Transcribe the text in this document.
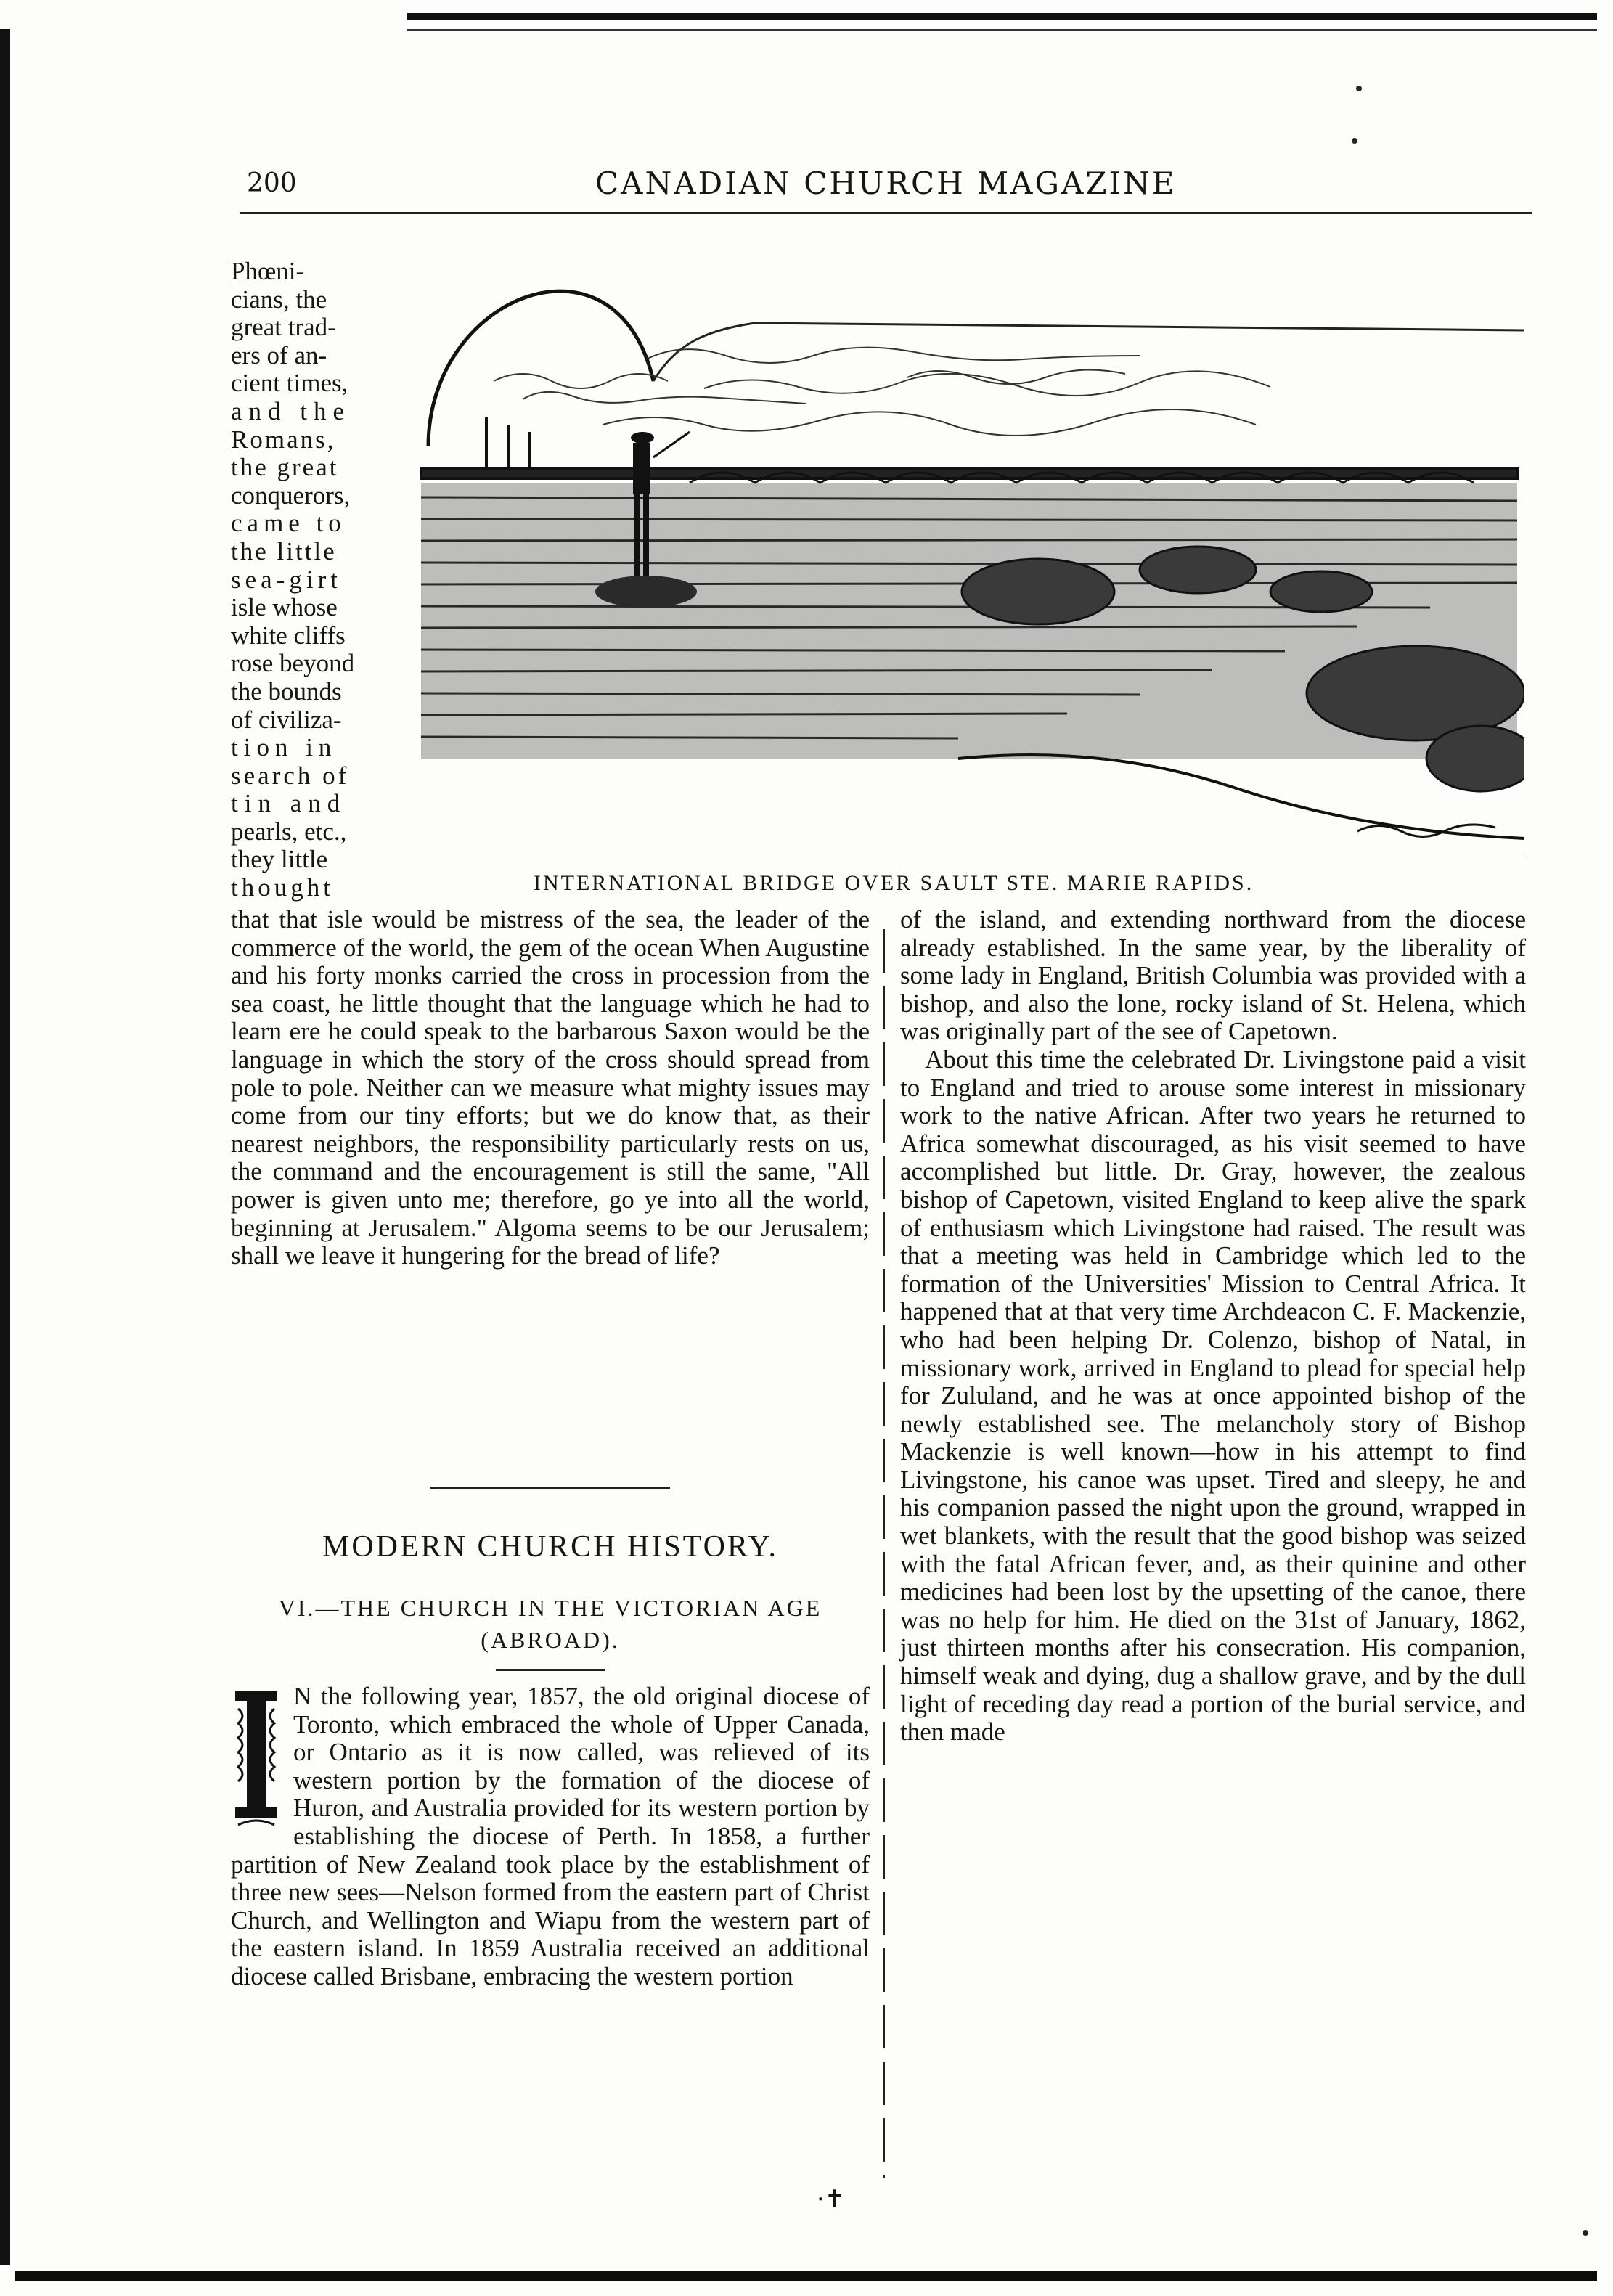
200	CANADIAN CHURCH MAGAZINE

Phœni-

cians, the

great trad-

ers of an-

cient times,

and the

Romans,

the great

conquerors,

came to

the little

sea-girt

isle whose

white cliffs

rose beyond

the bounds

of civiliza-

tion in

search of

tin and

pearls, etc.,

they little

thought	INTERNATIONAL BRIDGE OVER SAULT STE. MARIE RAPIDS.

that that isle would be mistress of the sea, the leader of the commerce of the world, the gem of the ocean When Augustine and his forty monks carried the cross in procession from the sea coast, he little thought that the language which he had to learn ere he could speak to the barbarous Saxon would be the language in which the story of the cross should spread from pole to pole. Neither can we measure what mighty issues may come from our tiny efforts; but we do know that, as their nearest neighbors, the responsibility particularly rests on us, the command and the encouragement is still the same, "All power is given unto me; therefore, go ye into all the world, beginning at Jerusalem." Algoma seems to be our Jerusalem; shall we leave it hungering for the bread of life?

MODERN CHURCH HISTORY.

VI.—THE CHURCH IN THE VICTORIAN AGE

(ABROAD).

N the following year, 1857, the old original diocese of Toronto, which embraced the whole of Upper Canada, or Ontario as it is now called, was relieved of its western portion by the formation of the diocese of Huron, and Australia provided for its western portion by establishing the diocese of Perth. In 1858, a further partition of New Zealand took place by the establishment of three new sees—Nelson formed from the eastern part of Christ Church, and Wellington and Wiapu from the western part of the eastern island. In 1859 Australia received an additional diocese called Brisbane, embracing the western portion

of the island, and extending northward from the diocese already established. In the same year, by the liberality of some lady in England, British Columbia was provided with a bishop, and also the lone, rocky island of St. Helena, which was originally part of the see of Capetown.

About this time the celebrated Dr. Livingstone paid a visit to England and tried to arouse some interest in missionary work to the native African. After two years he returned to Africa somewhat discouraged, as his visit seemed to have accomplished but little. Dr. Gray, however, the zealous bishop of Capetown, visited England to keep alive the spark of enthusiasm which Livingstone had raised. The result was that a meeting was held in Cambridge which led to the formation of the Universities' Mission to Central Africa. It happened that at that very time Archdeacon C. F. Mackenzie, who had been helping Dr. Colenzo, bishop of Natal, in missionary work, arrived in England to plead for special help for Zululand, and he was at once appointed bishop of the newly established see. The melancholy story of Bishop Mackenzie is well known—how in his attempt to find Livingstone, his canoe was upset. Tired and sleepy, he and his companion passed the night upon the ground, wrapped in wet blankets, with the result that the good bishop was seized with the fatal African fever, and, as their quinine and other medicines had been lost by the upsetting of the canoe, there was no help for him. He died on the 31st of January, 1862, just thirteen months after his consecration. His companion, himself weak and dying, dug a shallow grave, and by the dull light of receding day read a portion of the burial service, and then made

·✝
